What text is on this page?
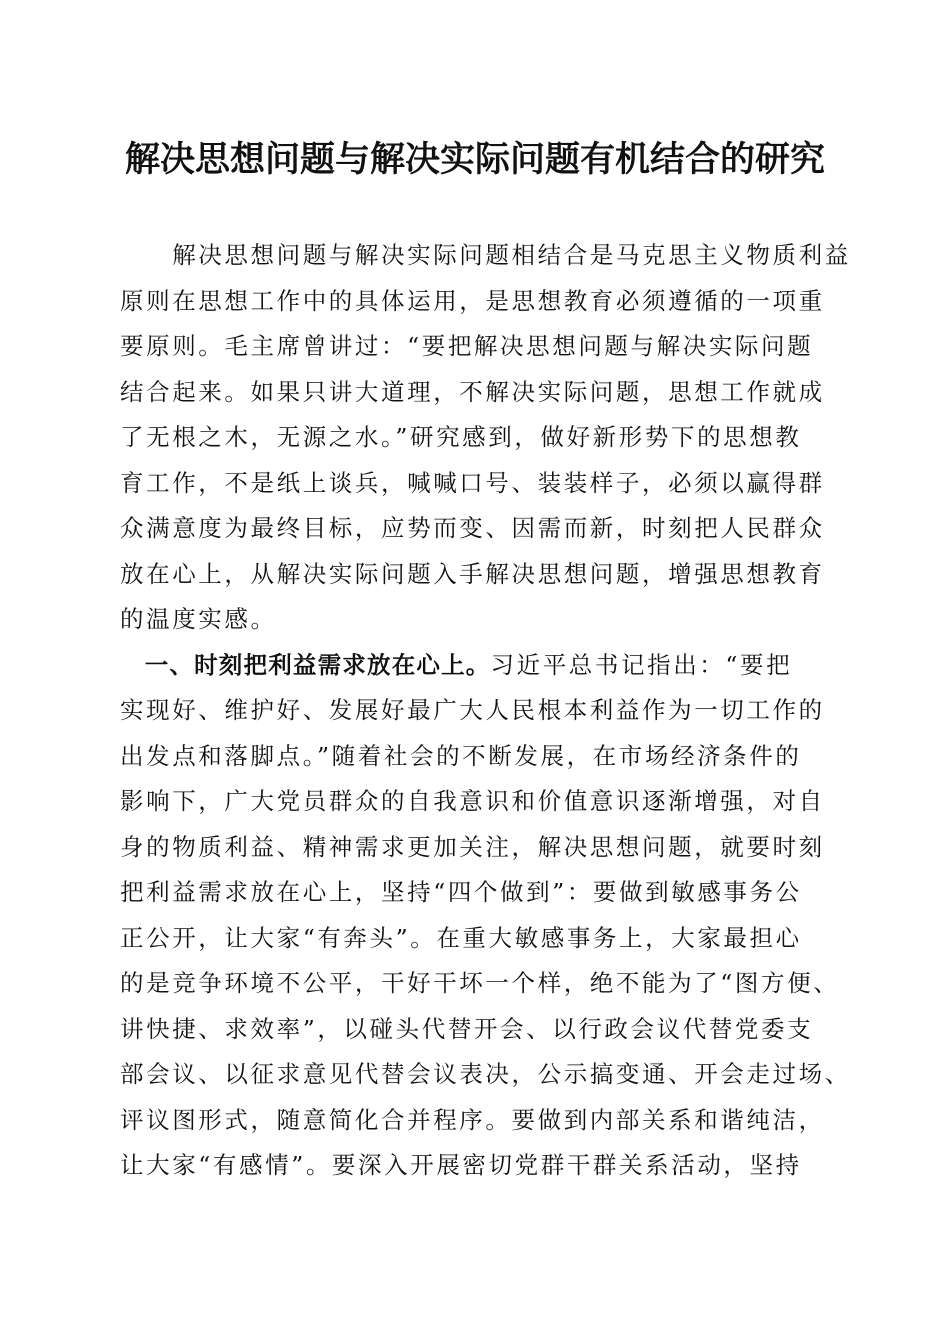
解决思想问题与解决实际问题有机结合的研究
　　解决思想问题与解决实际问题相结合是马克思主义物质利益
原则在思想工作中的具体运用，是思想教育必须遵循的一项重
要原则。毛主席曾讲过：“要把解决思想问题与解决实际问题
结合起来。如果只讲大道理，不解决实际问题，思想工作就成
了无根之木，无源之水。”研究感到，做好新形势下的思想教
育工作，不是纸上谈兵，喊喊口号、装装样子，必须以赢得群
众满意度为最终目标，应势而变、因需而新，时刻把人民群众
放在心上，从解决实际问题入手解决思想问题，增强思想教育
的温度实感。
　一、时刻把利益需求放在心上。习近平总书记指出：“要把
实现好、维护好、发展好最广大人民根本利益作为一切工作的
出发点和落脚点。”随着社会的不断发展，在市场经济条件的
影响下，广大党员群众的自我意识和价值意识逐渐增强，对自
身的物质利益、精神需求更加关注，解决思想问题，就要时刻
把利益需求放在心上，坚持“四个做到”：要做到敏感事务公
正公开，让大家“有奔头”。在重大敏感事务上，大家最担心
的是竞争环境不公平，干好干坏一个样，绝不能为了“图方便、
讲快捷、求效率”，以碰头代替开会、以行政会议代替党委支
部会议、以征求意见代替会议表决，公示搞变通、开会走过场、
评议图形式，随意简化合并程序。要做到内部关系和谐纯洁，
让大家“有感情”。要深入开展密切党群干群关系活动，坚持
